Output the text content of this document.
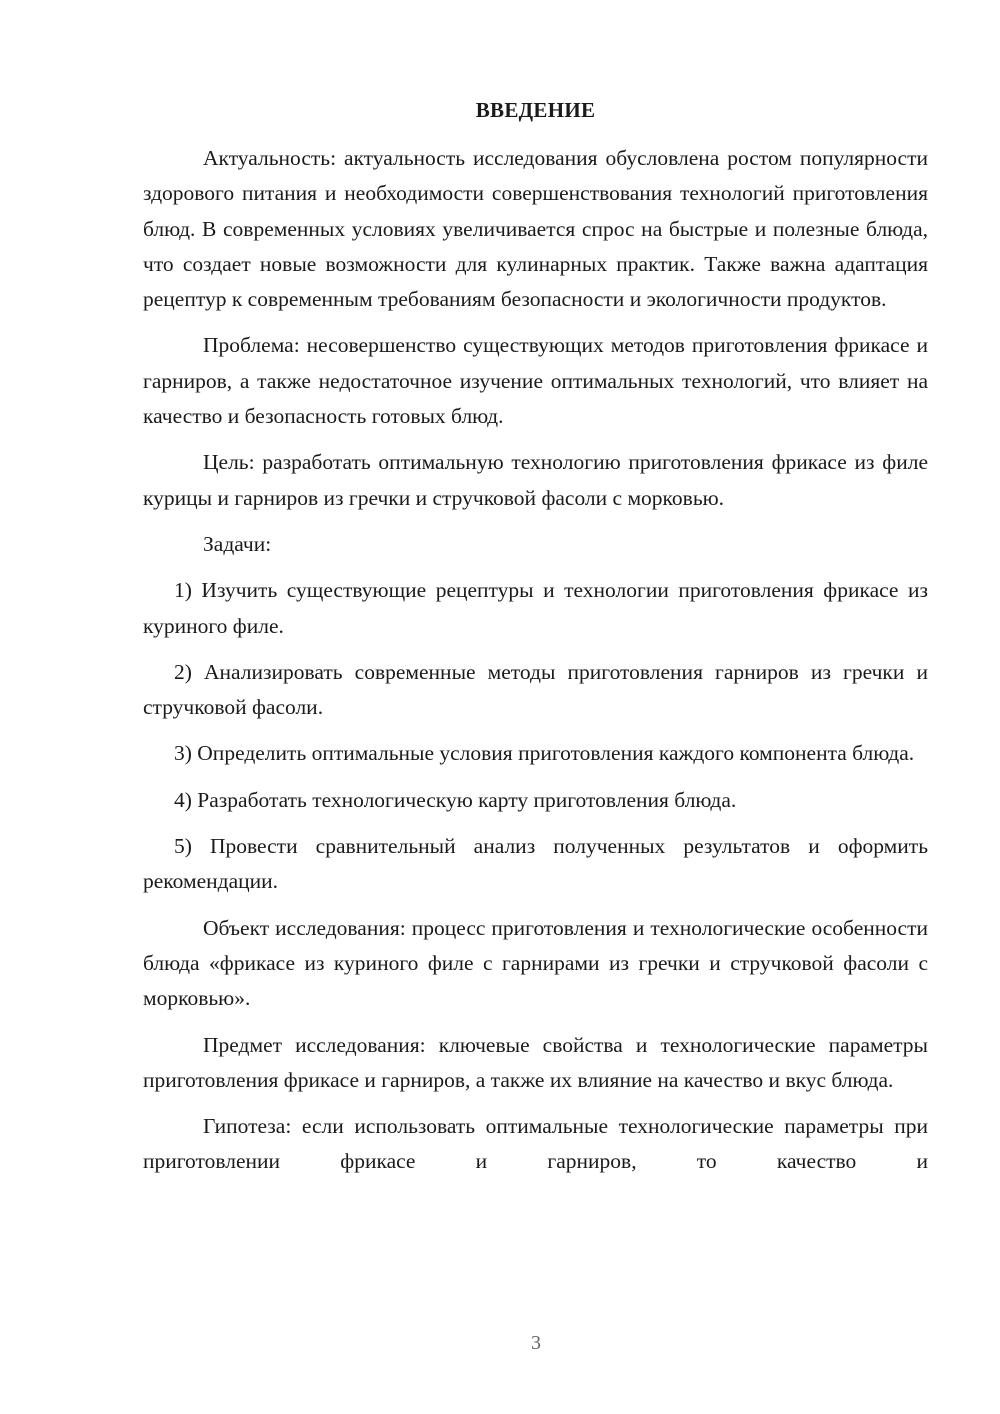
ВВЕДЕНИЕ

Актуальность: актуальность исследования обусловлена ростом популярности здорового питания и необходимости совершенствования технологий приготовления блюд. В современных условиях увеличивается спрос на быстрые и полезные блюда, что создает новые возможности для кулинарных практик. Также важна адаптация рецептур к современным требованиям безопасности и экологичности продуктов.

Проблема: несовершенство существующих методов приготовления фрикасе и гарниров, а также недостаточное изучение оптимальных технологий, что влияет на качество и безопасность готовых блюд.

Цель: разработать оптимальную технологию приготовления фрикасе из филе курицы и гарниров из гречки и стручковой фасоли с морковью.

Задачи:

1) Изучить существующие рецептуры и технологии приготовления фрикасе из куриного филе.

2) Анализировать современные методы приготовления гарниров из гречки и стручковой фасоли.

3) Определить оптимальные условия приготовления каждого компонента блюда.

4) Разработать технологическую карту приготовления блюда.

5) Провести сравнительный анализ полученных результатов и оформить рекомендации.

Объект исследования: процесс приготовления и технологические особенности блюда «фрикасе из куриного филе с гарнирами из гречки и стручковой фасоли с морковью».

Предмет исследования: ключевые свойства и технологические параметры приготовления фрикасе и гарниров, а также их влияние на качество и вкус блюда.

Гипотеза: если использовать оптимальные технологические параметры при приготовлении фрикасе и гарниров, то качество и

3
